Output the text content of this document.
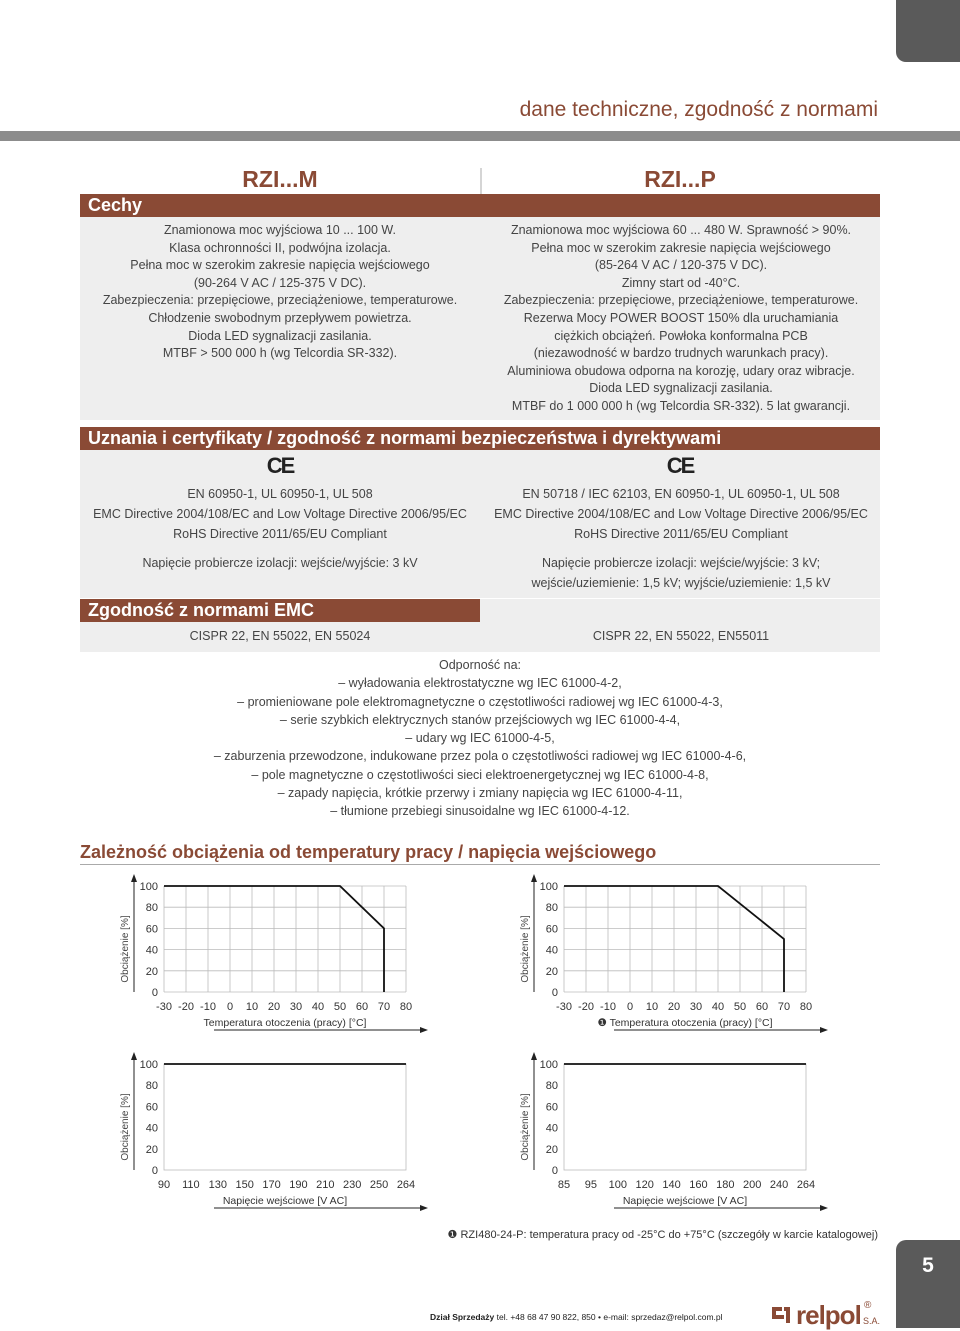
dane techniczne, zgodność z normami
RZI...M	RZI...P
Cechy
Znamionowa moc wyjściowa 10 ... 100 W.
Klasa ochronności II, podwójna izolacja.
Pełna moc w szerokim zakresie napięcia wejściowego
(90-264 V AC / 125-375 V DC).
Zabezpieczenia: przepięciowe, przeciążeniowe, temperaturowe.
Chłodzenie swobodnym przepływem powietrza.
Dioda LED sygnalizacji zasilania.
MTBF > 500 000 h (wg Telcordia SR-332).
Znamionowa moc wyjściowa 60 ... 480 W. Sprawność > 90%.
Pełna moc w szerokim zakresie napięcia wejściowego
(85-264 V AC / 120-375 V DC).
Zimny start od -40°C.
Zabezpieczenia: przepięciowe, przeciążeniowe, temperaturowe.
Rezerwa Mocy POWER BOOST 150% dla uruchamiania
ciężkich obciążeń. Powłoka konformalna PCB
(niezawodność w bardzo trudnych warunkach pracy).
Aluminiowa obudowa odporna na korozję, udary oraz wibracje.
Dioda LED sygnalizacji zasilania.
MTBF do 1 000 000 h (wg Telcordia SR-332). 5 lat gwarancji.
Uznania i certyfikaty / zgodność z normami bezpieczeństwa i dyrektywami
CE	CE
EN 60950-1, UL 60950-1, UL 508
EMC Directive 2004/108/EC and Low Voltage Directive 2006/95/EC
RoHS Directive 2011/65/EU Compliant
EN 50718 / IEC 62103, EN 60950-1, UL 60950-1, UL 508
EMC Directive 2004/108/EC and Low Voltage Directive 2006/95/EC
RoHS Directive 2011/65/EU Compliant
Napięcie probiercze izolacji: wejście/wyjście: 3 kV	Napięcie probiercze izolacji: wejście/wyjście: 3 kV;
wejście/uziemienie: 1,5 kV; wyjście/uziemienie: 1,5 kV
Zgodność z normami EMC
CISPR 22, EN 55022, EN 55024	CISPR 22, EN 55022, EN55011
Odporność na:
– wyładowania elektrostatyczne wg IEC 61000-4-2,
– promieniowane pole elektromagnetyczne o częstotliwości radiowej wg IEC 61000-4-3,
– serie szybkich elektrycznych stanów przejściowych wg IEC 61000-4-4,
– udary wg IEC 61000-4-5,
– zaburzenia przewodzone, indukowane przez pola o częstotliwości radiowej wg IEC 61000-4-6,
– pole magnetyczne o częstotliwości sieci elektroenergetycznej wg IEC 61000-4-8,
– zapady napięcia, krótkie przerwy i zmiany napięcia wg IEC 61000-4-11,
– tłumione przebiegi sinusoidalne wg IEC 61000-4-12.
Zależność obciążenia od temperatury pracy / napięcia wejściowego
Obciążenie [%]
0
20
40
60
80
100
-30 -20 -10 0 10 20 30 40 50 60 70 80
Temperatura otoczenia (pracy) [°C]
Obciążenie [%]
0
20
40
60
80
100
-30 -20 -10 0 10 20 30 40 50 60 70 80
❶ Temperatura otoczenia (pracy) [°C]
Obciążenie [%]
0
20
40
60
80
100
90 110 130 150 170 190 210 230 250 264
Napięcie wejściowe [V AC]
Obciążenie [%]
0
20
40
60
80
100
85 95 100 120 140 160 180 200 240 264
Napięcie wejściowe [V AC]
❶ RZI480-24-P: temperatura pracy od -25°C do +75°C (szczegóły w karcie katalogowej)
5
Dział Sprzedaży tel. +48 68 47 90 822, 850 • e-mail: sprzedaz@relpol.com.pl	relpol ®
S.A.
